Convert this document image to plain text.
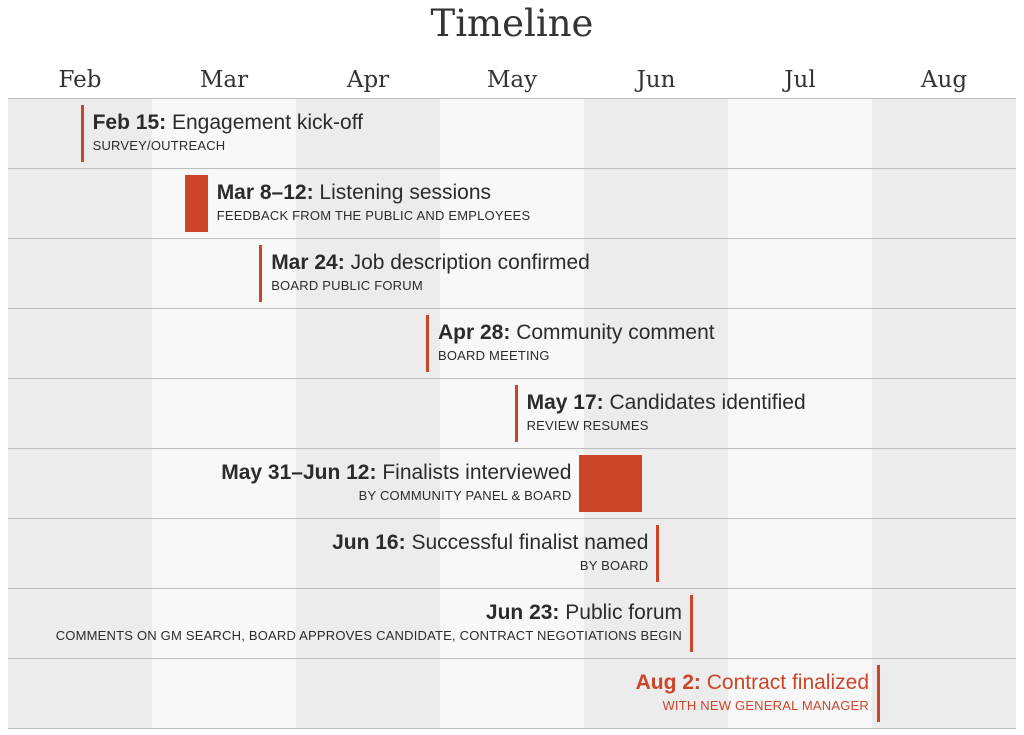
Timeline
Feb	Mar	Apr	May	Jun	Jul	Aug
Feb 15: Engagement kick-off
SURVEY/OUTREACH
Mar 8–12: Listening sessions
FEEDBACK FROM THE PUBLIC AND EMPLOYEES
Mar 24: Job description confirmed
BOARD PUBLIC FORUM
Apr 28: Community comment
BOARD MEETING
May 17: Candidates identified
REVIEW RESUMES
May 31–Jun 12: Finalists interviewed
BY COMMUNITY PANEL & BOARD
Jun 16: Successful finalist named
BY BOARD
Jun 23: Public forum
COMMENTS ON GM SEARCH, BOARD APPROVES CANDIDATE, CONTRACT NEGOTIATIONS BEGIN
Aug 2: Contract finalized
WITH NEW GENERAL MANAGER
